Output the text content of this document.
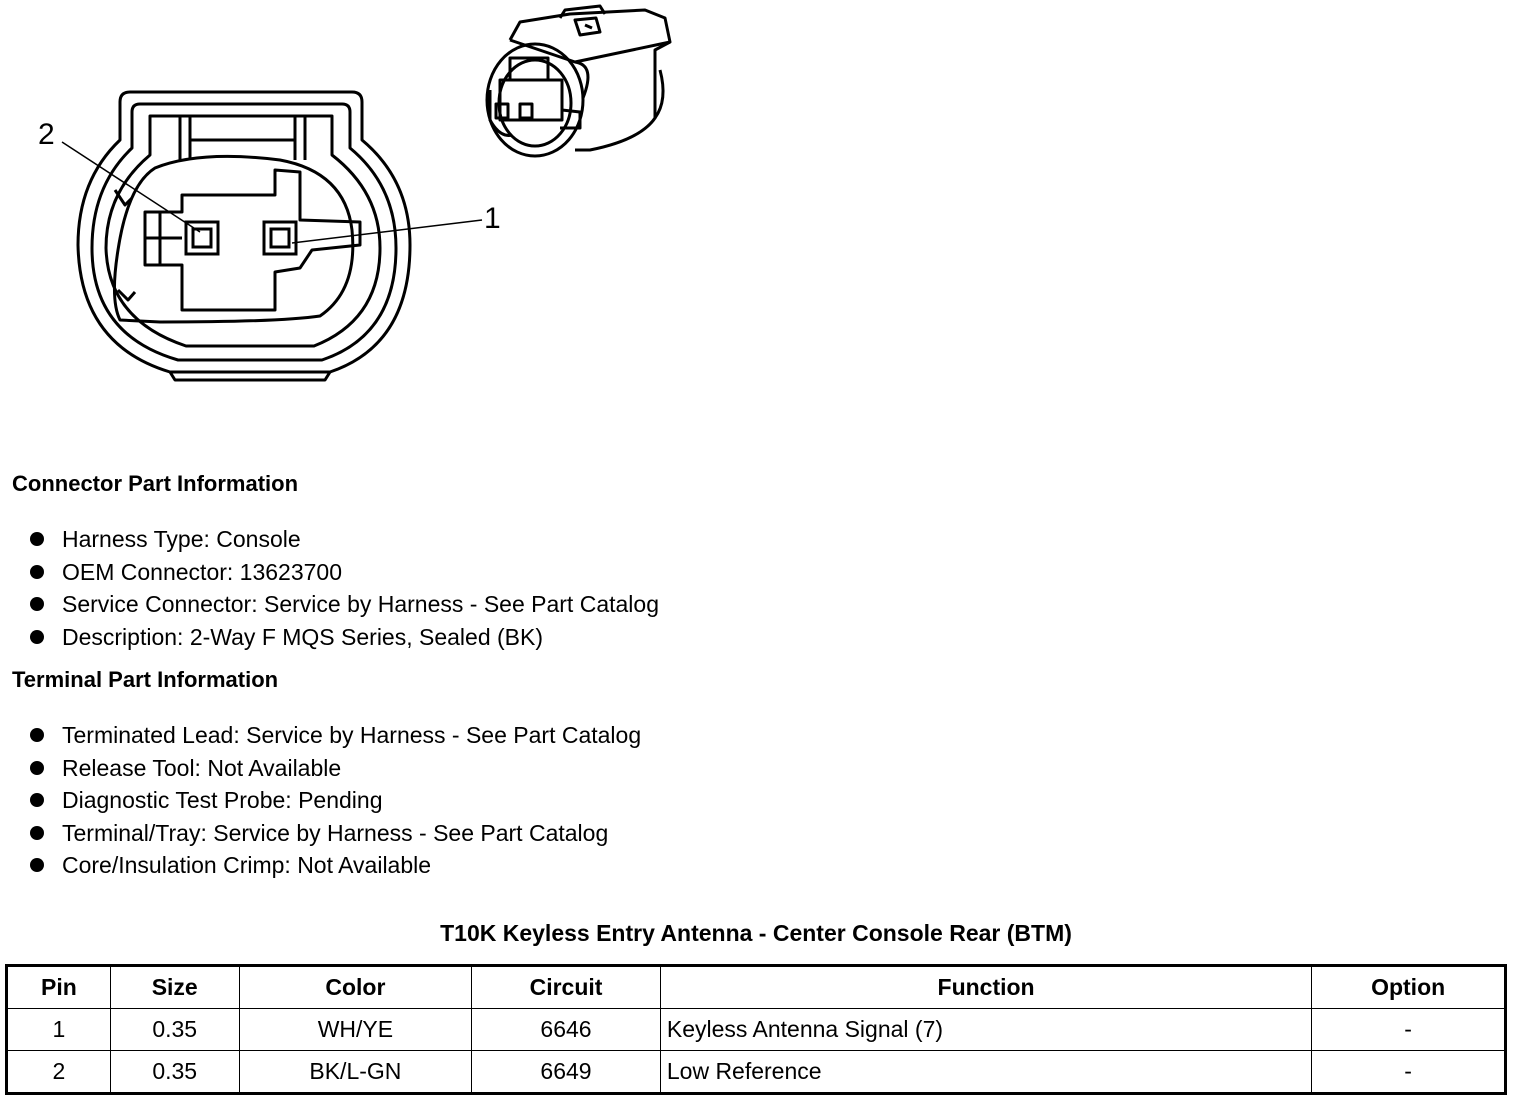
2
1
Connector Part Information
Harness Type: Console
OEM Connector: 13623700
Service Connector: Service by Harness - See Part Catalog
Description: 2-Way F MQS Series, Sealed (BK)
Terminal Part Information
Terminated Lead: Service by Harness - See Part Catalog
Release Tool: Not Available
Diagnostic Test Probe: Pending
Terminal/Tray: Service by Harness - See Part Catalog
Core/Insulation Crimp: Not Available
T10K Keyless Entry Antenna - Center Console Rear (BTM)
Pin	Size	Color	Circuit	Function	Option
1	0.35	WH/YE	6646	Keyless Antenna Signal (7)	-
2	0.35	BK/L-GN	6649	Low Reference	-
